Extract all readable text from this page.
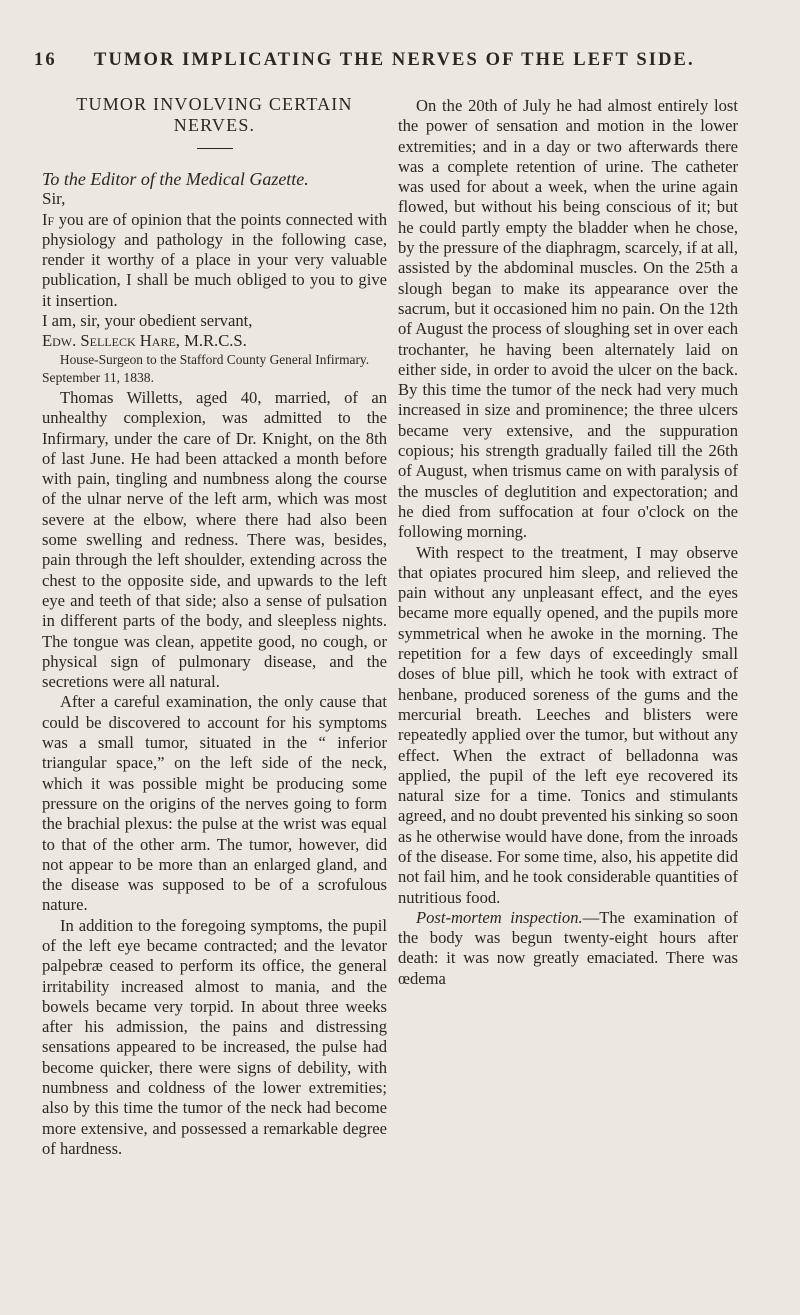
16 TUMOR IMPLICATING THE NERVES OF THE LEFT SIDE.

TUMOR INVOLVING CERTAIN

NERVES.

To the Editor of the Medical Gazette.

Sir,

If you are of opinion that the points connected with physiology and pathology in the following case, render it worthy of a place in your very valuable publication, I shall be much obliged to you to give it insertion.

I am, sir, your obedient servant,

Edw. Selleck Hare, M.R.C.S.

House-Surgeon to the Stafford County General Infirmary.

September 11, 1838.

Thomas Willetts, aged 40, married, of an unhealthy complexion, was admitted to the Infirmary, under the care of Dr. Knight, on the 8th of last June. He had been attacked a month before with pain, tingling and numbness along the course of the ulnar nerve of the left arm, which was most severe at the elbow, where there had also been some swelling and redness. There was, besides, pain through the left shoulder, extending across the chest to the opposite side, and upwards to the left eye and teeth of that side; also a sense of pulsation in different parts of the body, and sleepless nights. The tongue was clean, appetite good, no cough, or physical sign of pulmonary disease, and the secretions were all natural.

After a careful examination, the only cause that could be discovered to account for his symptoms was a small tumor, situated in the “ inferior triangular space,” on the left side of the neck, which it was possible might be producing some pressure on the origins of the nerves going to form the brachial plexus: the pulse at the wrist was equal to that of the other arm. The tumor, however, did not appear to be more than an enlarged gland, and the disease was supposed to be of a scrofulous nature.

In addition to the foregoing symptoms, the pupil of the left eye became contracted; and the levator palpebræ ceased to perform its office, the general irritability increased almost to mania, and the bowels became very torpid. In about three weeks after his admission, the pains and distressing sensations appeared to be increased, the pulse had become quicker, there were signs of debility, with numbness and coldness of the lower extremities; also by this time the tumor of the neck had become more extensive, and possessed a remarkable degree of hardness.

On the 20th of July he had almost entirely lost the power of sensation and motion in the lower extremities; and in a day or two afterwards there was a complete retention of urine. The catheter was used for about a week, when the urine again flowed, but without his being conscious of it; but he could partly empty the bladder when he chose, by the pressure of the diaphragm, scarcely, if at all, assisted by the abdominal muscles. On the 25th a slough began to make its appearance over the sacrum, but it occasioned him no pain. On the 12th of August the process of sloughing set in over each trochanter, he having been alternately laid on either side, in order to avoid the ulcer on the back. By this time the tumor of the neck had very much increased in size and prominence; the three ulcers became very extensive, and the suppuration copious; his strength gradually failed till the 26th of August, when trismus came on with paralysis of the muscles of deglutition and expectoration; and he died from suffocation at four o'clock on the following morning.

With respect to the treatment, I may observe that opiates procured him sleep, and relieved the pain without any unpleasant effect, and the eyes became more equally opened, and the pupils more symmetrical when he awoke in the morning. The repetition for a few days of exceedingly small doses of blue pill, which he took with extract of henbane, produced soreness of the gums and the mercurial breath. Leeches and blisters were repeatedly applied over the tumor, but without any effect. When the extract of belladonna was applied, the pupil of the left eye recovered its natural size for a time. Tonics and stimulants agreed, and no doubt prevented his sinking so soon as he otherwise would have done, from the inroads of the disease. For some time, also, his appetite did not fail him, and he took considerable quantities of nutritious food.

Post-mortem inspection.—The examination of the body was begun twenty-eight hours after death: it was now greatly emaciated. There was œdema
